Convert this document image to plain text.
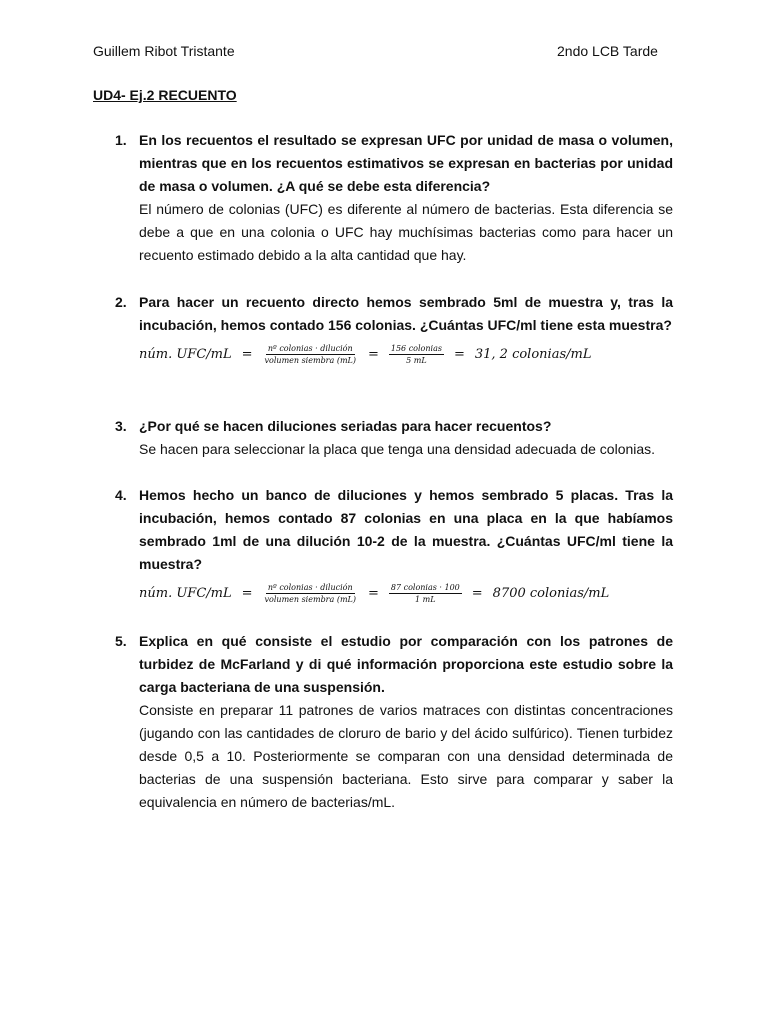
Guillem Ribot Tristante	2ndo LCB Tarde
UD4- Ej.2 RECUENTO
1. En los recuentos el resultado se expresan UFC por unidad de masa o volumen, mientras que en los recuentos estimativos se expresan en bacterias por unidad de masa o volumen. ¿A qué se debe esta diferencia?

El número de colonias (UFC) es diferente al número de bacterias. Esta diferencia se debe a que en una colonia o UFC hay muchísimas bacterias como para hacer un recuento estimado debido a la alta cantidad que hay.

2. Para hacer un recuento directo hemos sembrado 5ml de muestra y, tras la incubación, hemos contado 156 colonias. ¿Cuántas UFC/ml tiene esta muestra?

núm. $UFC/mL = \frac{\text{nº colonias · dilución}}{\text{volumen siembra (mL)}} = \frac{\text{156 colonias}}{5 mL} = 31$, 2 colonias/mL
3. ¿Por qué se hacen diluciones seriadas para hacer recuentos?

Se hacen para seleccionar la placa que tenga una densidad adecuada de colonias.

4. Hemos hecho un banco de diluciones y hemos sembrado 5 placas. Tras la incubación, hemos contado 87 colonias en una placa en la que habíamos sembrado 1ml de una dilución 10-2 de la muestra. ¿Cuántas UFC/ml tiene la muestra?

núm. $UFC/mL = \frac{\text{nº colonias · dilución}}{\text{volumen siembra (mL)}} = \frac{\text{87 colonias · 100}}{1 mL} = 8700$ colonias/mL
5. Explica en qué consiste el estudio por comparación con los patrones de turbidez de McFarland y di qué información proporciona este estudio sobre la carga bacteriana de una suspensión.

Consiste en preparar 11 patrones de varios matraces con distintas concentraciones (jugando con las cantidades de cloruro de bario y del ácido sulfúrico). Tienen turbidez desde 0,5 a 10. Posteriormente se comparan con una densidad determinada de bacterias de una suspensión bacteriana. Esto sirve para comparar y saber la equivalencia en número de bacterias/mL.
